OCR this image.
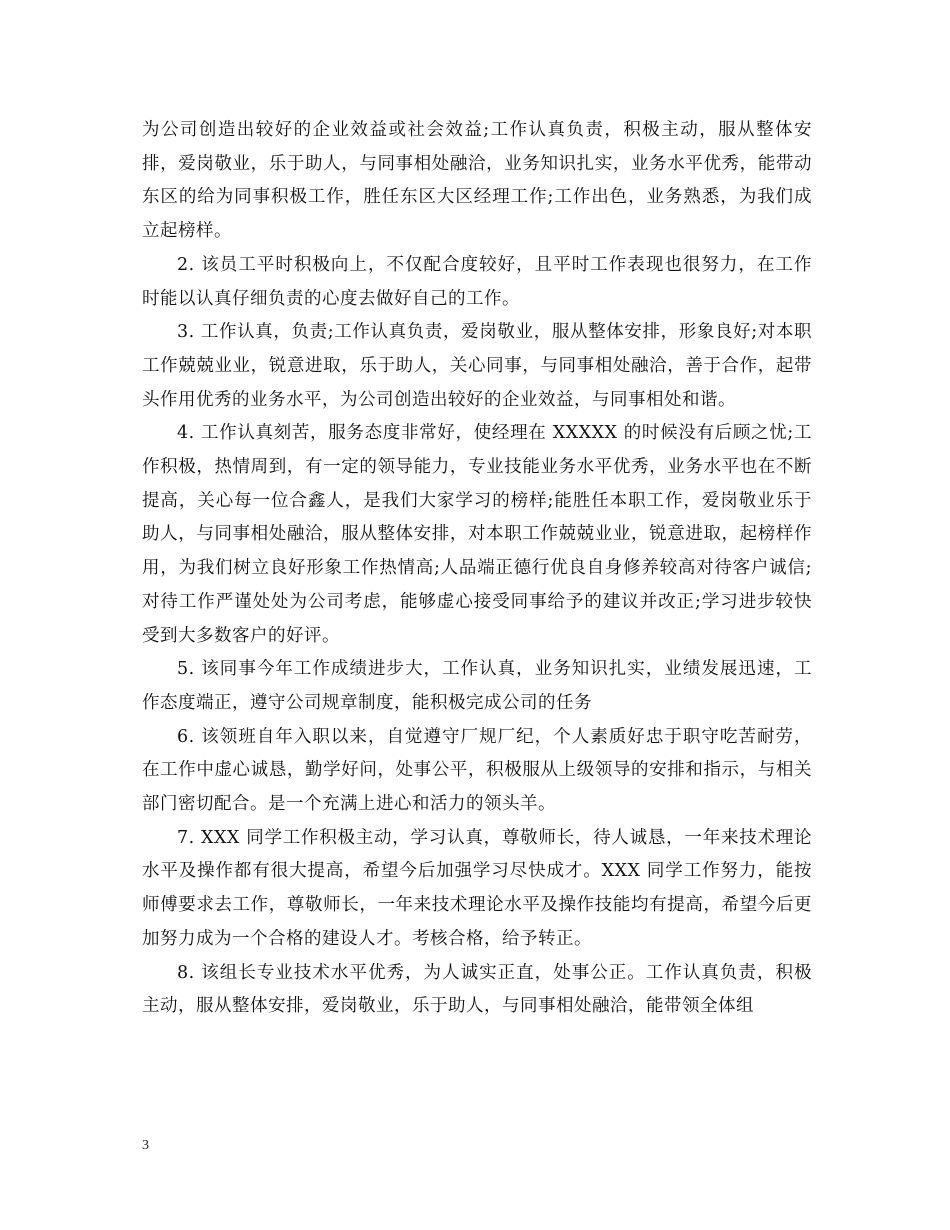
为公司创造出较好的企业效益或社会效益;工作认真负责，积极主动，服从整体安排，爱岗敬业，乐于助人，与同事相处融洽，业务知识扎实，业务水平优秀，能带动东区的给为同事积极工作，胜任东区大区经理工作;工作出色，业务熟悉，为我们成立起榜样。

2. 该员工平时积极向上，不仅配合度较好，且平时工作表现也很努力，在工作时能以认真仔细负责的心度去做好自己的工作。

3. 工作认真，负责;工作认真负责，爱岗敬业，服从整体安排，形象良好;对本职工作兢兢业业，锐意进取，乐于助人，关心同事，与同事相处融洽，善于合作，起带头作用优秀的业务水平，为公司创造出较好的企业效益，与同事相处和谐。

4. 工作认真刻苦，服务态度非常好，使经理在 XXXXX 的时候没有后顾之忧;工作积极，热情周到，有一定的领导能力，专业技能业务水平优秀，业务水平也在不断提高，关心每一位合鑫人，是我们大家学习的榜样;能胜任本职工作，爱岗敬业乐于助人，与同事相处融洽，服从整体安排，对本职工作兢兢业业，锐意进取，起榜样作用，为我们树立良好形象工作热情高;人品端正德行优良自身修养较高对待客户诚信;对待工作严谨处处为公司考虑，能够虚心接受同事给予的建议并改正;学习进步较快受到大多数客户的好评。

5. 该同事今年工作成绩进步大，工作认真，业务知识扎实，业绩发展迅速，工作态度端正，遵守公司规章制度，能积极完成公司的任务

6. 该领班自年入职以来，自觉遵守厂规厂纪，个人素质好忠于职守吃苦耐劳，在工作中虚心诚恳，勤学好问，处事公平，积极服从上级领导的安排和指示，与相关部门密切配合。是一个充满上进心和活力的领头羊。

7. XXX 同学工作积极主动，学习认真，尊敬师长，待人诚恳，一年来技术理论水平及操作都有很大提高，希望今后加强学习尽快成才。XXX 同学工作努力，能按师傅要求去工作，尊敬师长，一年来技术理论水平及操作技能均有提高，希望今后更加努力成为一个合格的建设人才。考核合格，给予转正。

8. 该组长专业技术水平优秀，为人诚实正直，处事公正。工作认真负责，积极主动，服从整体安排，爱岗敬业，乐于助人，与同事相处融洽，能带领全体组

3
